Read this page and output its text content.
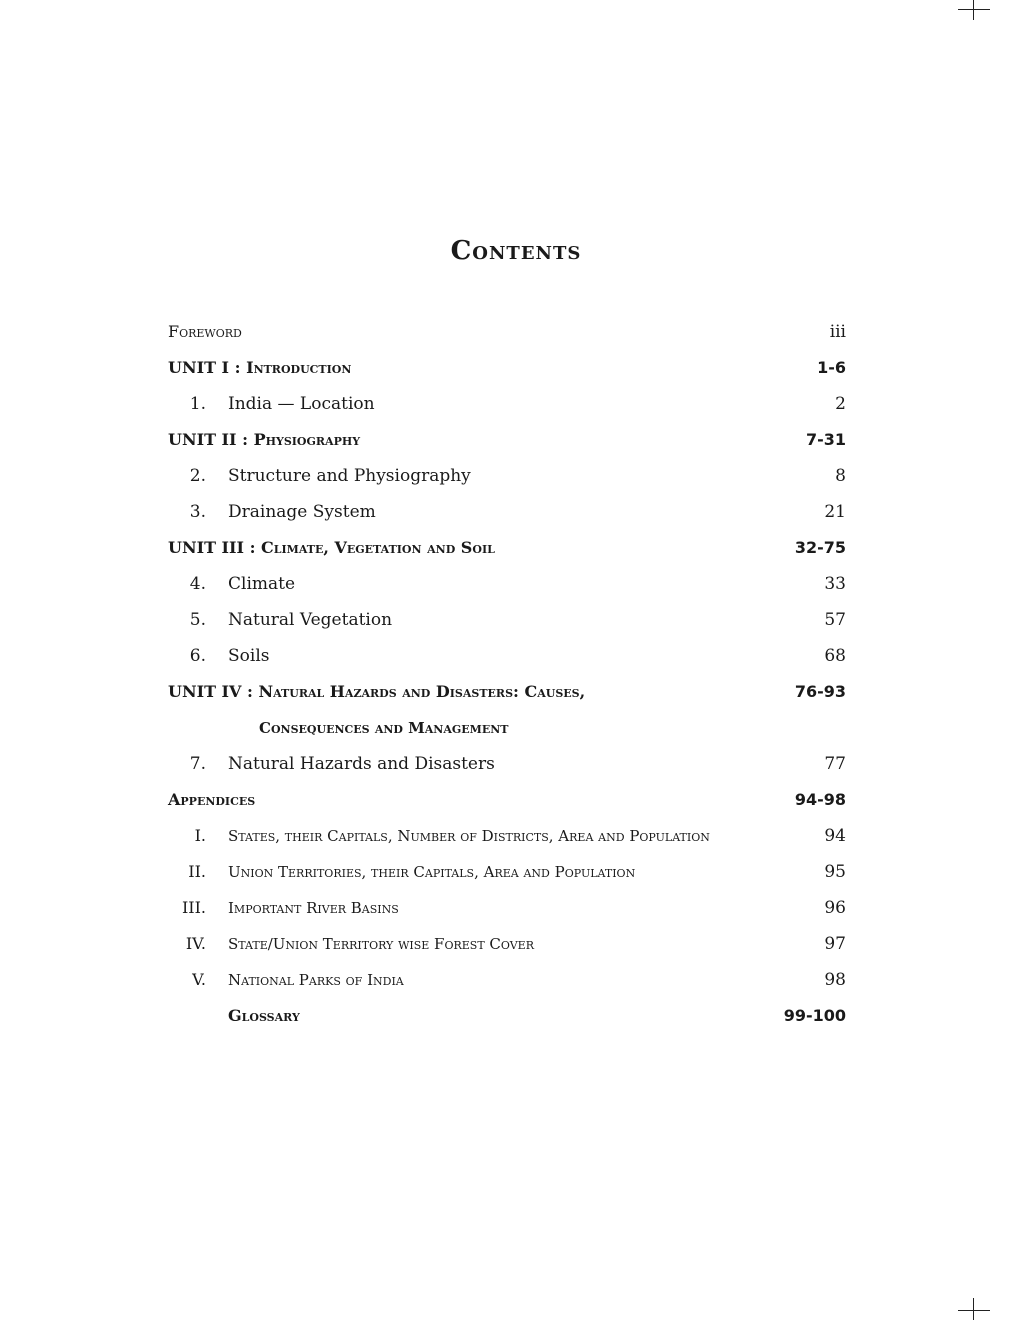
Contents
Foreword	iii
UNIT I : Introduction	1-6
1. India — Location	2
UNIT II : Physiography	7-31
2. Structure and Physiography	8
3. Drainage System	21
UNIT III : Climate, Vegetation and Soil	32-75
4. Climate	33
5. Natural Vegetation	57
6. Soils	68
UNIT IV : Natural Hazards and Disasters: Causes,	76-93
Consequences and Management
7. Natural Hazards and Disasters	77
Appendices	94-98
I. States, their Capitals, Number of Districts, Area and Population	94
II. Union Territories, their Capitals, Area and Population	95
III. Important River Basins	96
IV. State/Union Territory wise Forest Cover	97
V. National Parks of India	98
Glossary	99-100
